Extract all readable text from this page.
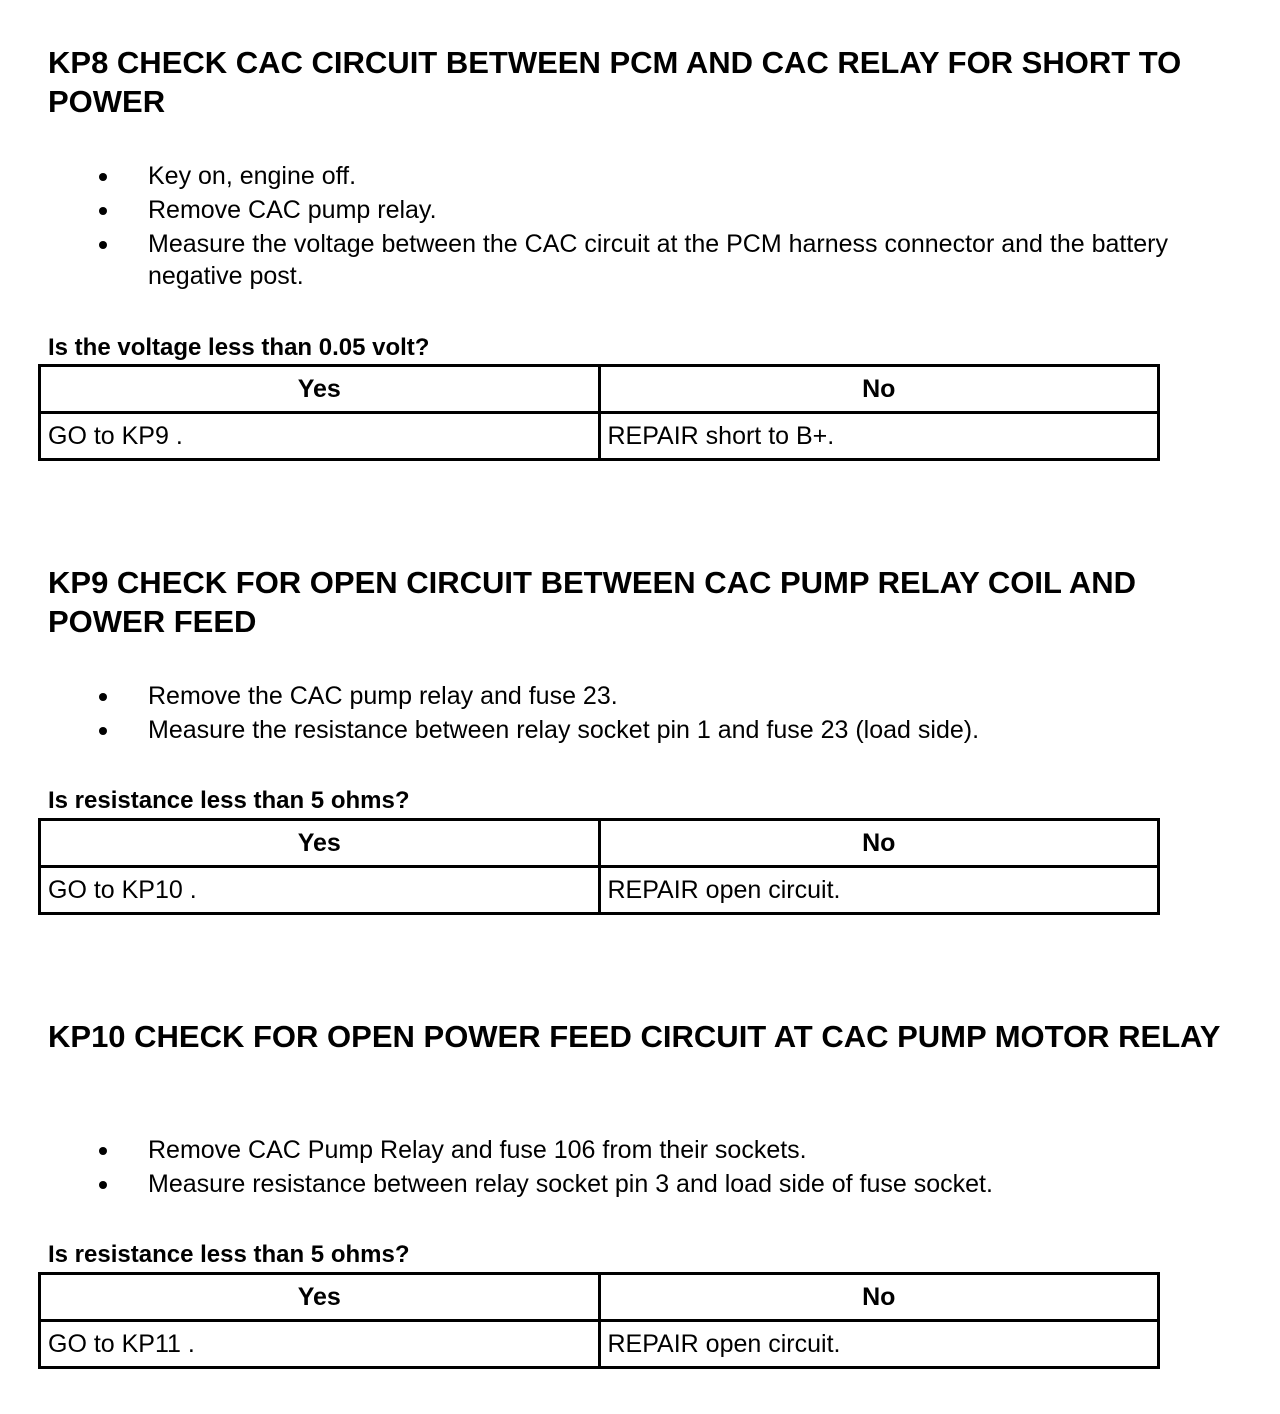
KP8 CHECK CAC CIRCUIT BETWEEN PCM AND CAC RELAY FOR SHORT TO POWER
Key on, engine off.
Remove CAC pump relay.
Measure the voltage between the CAC circuit at the PCM harness connector and the battery negative post.

Is the voltage less than 0.05 volt?

Yes	No
GO to KP9 .	REPAIR short to B+.
KP9 CHECK FOR OPEN CIRCUIT BETWEEN CAC PUMP RELAY COIL AND POWER FEED
Remove the CAC pump relay and fuse 23.
Measure the resistance between relay socket pin 1 and fuse 23 (load side).

Is resistance less than 5 ohms?

Yes	No
GO to KP10 .	REPAIR open circuit.
KP10 CHECK FOR OPEN POWER FEED CIRCUIT AT CAC PUMP MOTOR RELAY
Remove CAC Pump Relay and fuse 106 from their sockets.
Measure resistance between relay socket pin 3 and load side of fuse socket.

Is resistance less than 5 ohms?

Yes	No
GO to KP11 .	REPAIR open circuit.
